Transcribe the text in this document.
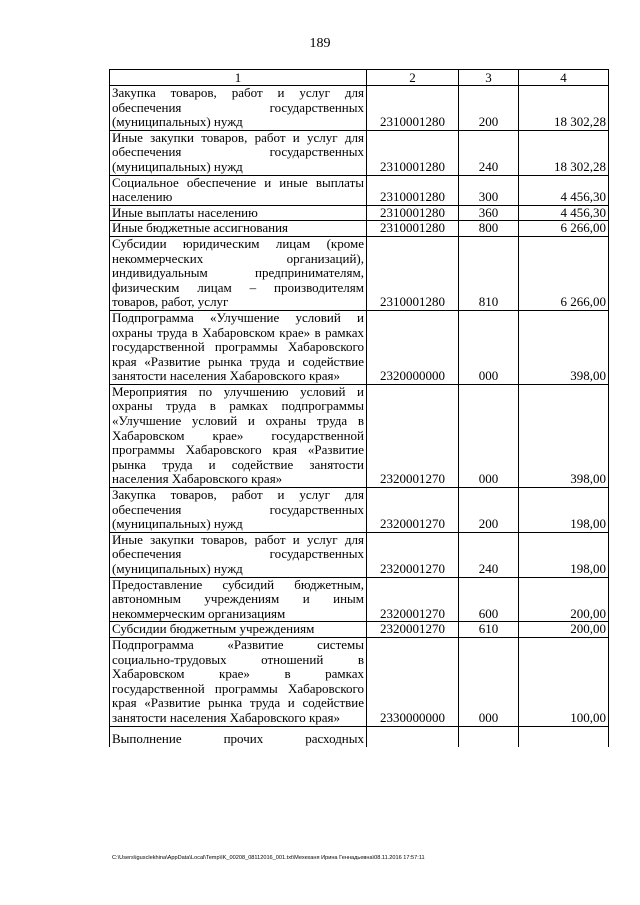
189
1	2	3	4
Закупка товаров, работ и услуг для обеспечения государственных (муниципальных) нужд	2310001280	200	18 302,28
Иные закупки товаров, работ и услуг для обеспечения государственных (муниципальных) нужд	2310001280	240	18 302,28
Социальное обеспечение и иные выплаты населению	2310001280	300	4 456,30
Иные выплаты населению	2310001280	360	4 456,30
Иные бюджетные ассигнования	2310001280	800	6 266,00
Субсидии юридическим лицам (кроме некоммерческих организаций), индивидуальным предпринимателям, физическим лицам – производителям товаров, работ, услуг	2310001280	810	6 266,00
Подпрограмма «Улучшение условий и охраны труда в Хабаровском крае» в рамках государственной программы Хабаровского края «Развитие рынка труда и содействие занятости населения Хабаровского края»	2320000000	000	398,00
Мероприятия по улучшению условий и охраны труда в рамках подпрограммы «Улучшение условий и охраны труда в Хабаровском крае» государственной программы Хабаровского края «Развитие рынка труда и содействие занятости населения Хабаровского края»	2320001270	000	398,00
Закупка товаров, работ и услуг для обеспечения государственных (муниципальных) нужд	2320001270	200	198,00
Иные закупки товаров, работ и услуг для обеспечения государственных (муниципальных) нужд	2320001270	240	198,00
Предоставление субсидий бюджетным, автономным учреждениям и иным некоммерческим организациям	2320001270	600	200,00
Субсидии бюджетным учреждениям	2320001270	610	200,00
Подпрограмма «Развитие системы социально-трудовых отношений в Хабаровском крае» в рамках государственной программы Хабаровского края «Развитие рынка труда и содействие занятости населения Хабаровского края»	2330000000	000	100,00
Выполнение прочих расходных			
C:\Users\igusclekhina\AppData\Local\Temp\IK_00208_08112016_001.txt\Мехеханя Ирина Геннадьевна\08.11.2016 17:57:11
